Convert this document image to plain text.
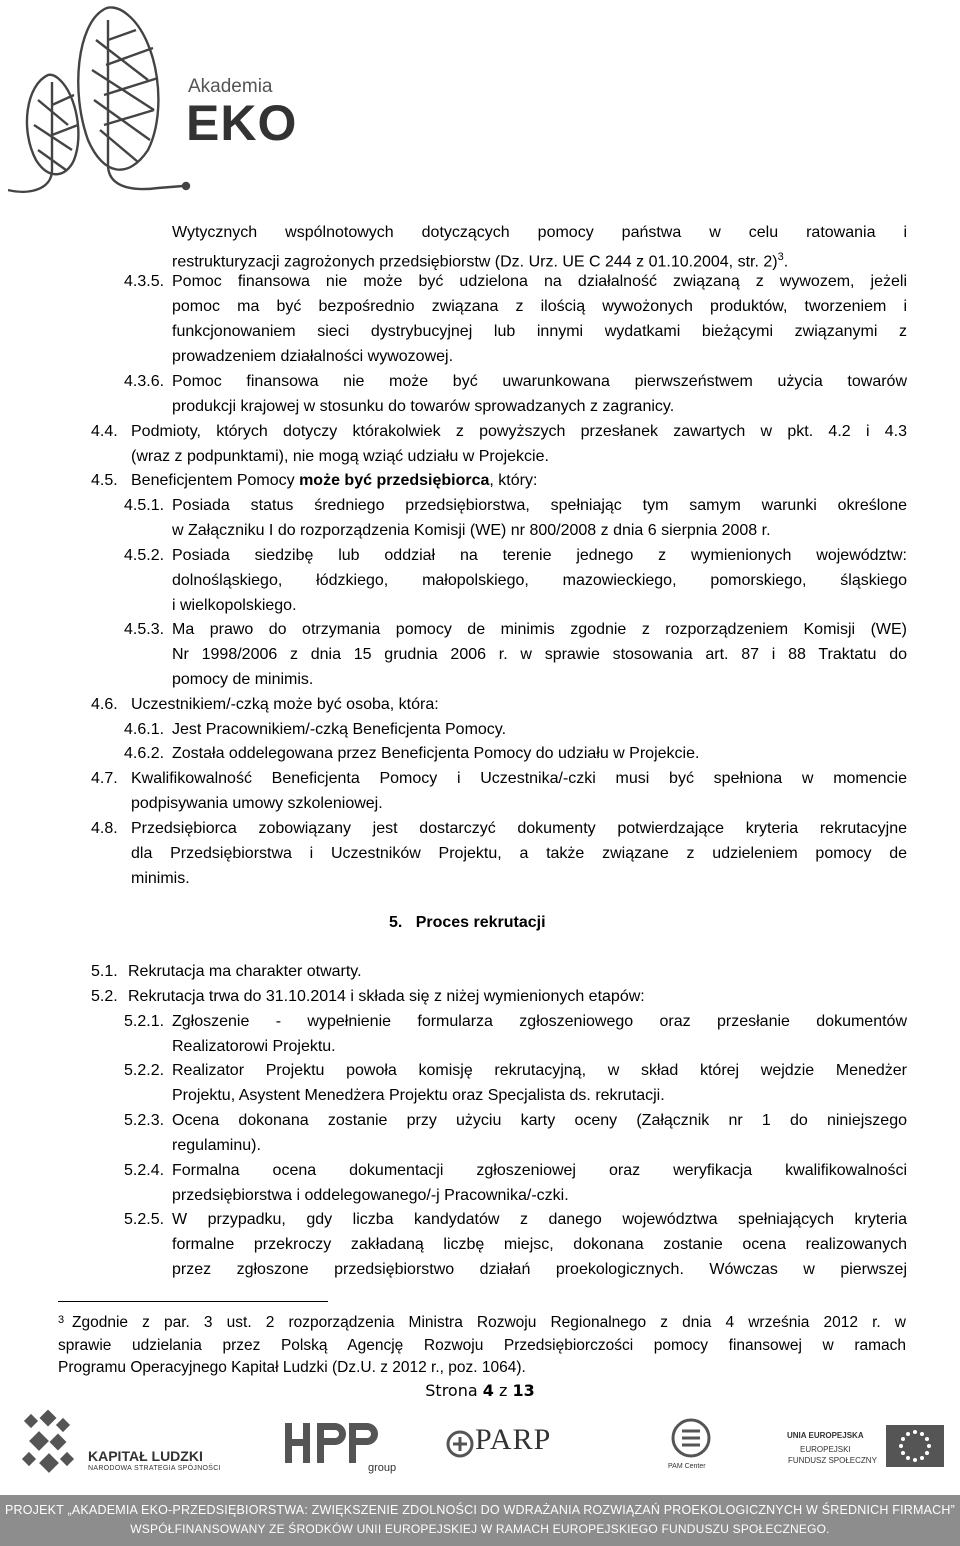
Akademia
EKO
Wytycznych wspólnotowych dotyczących pomocy państwa w celu ratowania i
restrukturyzacji zagrożonych przedsiębiorstw (Dz. Urz. UE C 244 z 01.10.2004, str. 2)$^3$.
4.3.5. Pomoc finansowa nie może być udzielona na działalność związaną z wywozem, jeżeli
pomoc ma być bezpośrednio związana z ilością wywożonych produktów, tworzeniem i
funkcjonowaniem sieci dystrybucyjnej lub innymi wydatkami bieżącymi związanymi z
prowadzeniem działalności wywozowej.
4.3.6. Pomoc finansowa nie może być uwarunkowana pierwszeństwem użycia towarów
produkcji krajowej w stosunku do towarów sprowadzanych z zagranicy.
4.4. Podmioty, których dotyczy którakolwiek z powyższych przesłanek zawartych w pkt. 4.2 i 4.3
(wraz z podpunktami), nie mogą wziąć udziału w Projekcie.
4.5. Beneficjentem Pomocy może być przedsiębiorca, który:
4.5.1. Posiada status średniego przedsiębiorstwa, spełniając tym samym warunki określone
w Załączniku I do rozporządzenia Komisji (WE) nr 800/2008 z dnia 6 sierpnia 2008 r.
4.5.2. Posiada siedzibę lub oddział na terenie jednego z wymienionych województw:
dolnośląskiego, łódzkiego, małopolskiego, mazowieckiego, pomorskiego, śląskiego
i wielkopolskiego.
4.5.3. Ma prawo do otrzymania pomocy de minimis zgodnie z rozporządzeniem Komisji (WE)
Nr 1998/2006 z dnia 15 grudnia 2006 r. w sprawie stosowania art. 87 i 88 Traktatu do
pomocy de minimis.
4.6. Uczestnikiem/-czką może być osoba, która:
4.6.1. Jest Pracownikiem/-czką Beneficjenta Pomocy.
4.6.2. Została oddelegowana przez Beneficjenta Pomocy do udziału w Projekcie.
4.7. Kwalifikowalność Beneficjenta Pomocy i Uczestnika/-czki musi być spełniona w momencie
podpisywania umowy szkoleniowej.
4.8. Przedsiębiorca zobowiązany jest dostarczyć dokumenty potwierdzające kryteria rekrutacyjne
dla Przedsiębiorstwa i Uczestników Projektu, a także związane z udzieleniem pomocy de
minimis.
5. Proces rekrutacji
5.1. Rekrutacja ma charakter otwarty.
5.2. Rekrutacja trwa do 31.10.2014 i składa się z niżej wymienionych etapów:
5.2.1. Zgłoszenie - wypełnienie formularza zgłoszeniowego oraz przesłanie dokumentów
Realizatorowi Projektu.
5.2.2. Realizator Projektu powoła komisję rekrutacyjną, w skład której wejdzie Menedżer
Projektu, Asystent Menedżera Projektu oraz Specjalista ds. rekrutacji.
5.2.3. Ocena dokonana zostanie przy użyciu karty oceny (Załącznik nr 1 do niniejszego
regulaminu).
5.2.4. Formalna ocena dokumentacji zgłoszeniowej oraz weryfikacja kwalifikowalności
przedsiębiorstwa i oddelegowanego/-j Pracownika/-czki.
5.2.5. W przypadku, gdy liczba kandydatów z danego województwa spełniających kryteria
formalne przekroczy zakładaną liczbę miejsc, dokonana zostanie ocena realizowanych
przez zgłoszone przedsiębiorstwo działań proekologicznych. Wówczas w pierwszej
$^3$ Zgodnie z par. 3 ust. 2 rozporządzenia Ministra Rozwoju Regionalnego z dnia 4 września 2012 r. w
sprawie udzielania przez Polską Agencję Rozwoju Przedsiębiorczości pomocy finansowej w ramach
Programu Operacyjnego Kapitał Ludzki (Dz.U. z 2012 r., poz. 1064).
Strona 4 z 13
KAPITAŁ LUDZKI
NARODOWA STRATEGIA SPÓJNOŚCI	group
PARP
PAM Center
UNIA EUROPEJSKA
EUROPEJSKI
FUNDUSZ SPOŁECZNY
PROJEKT „AKADEMIA EKO-PRZEDSIĘBIORSTWA: ZWIĘKSZENIE ZDOLNOŚCI DO WDRAŻANIA ROZWIĄZAŃ PROEKOLOGICZNYCH W ŚREDNICH FIRMACH”
WSPÓŁFINANSOWANY ZE ŚRODKÓW UNII EUROPEJSKIEJ W RAMACH EUROPEJSKIEGO FUNDUSZU SPOŁECZNEGO.
